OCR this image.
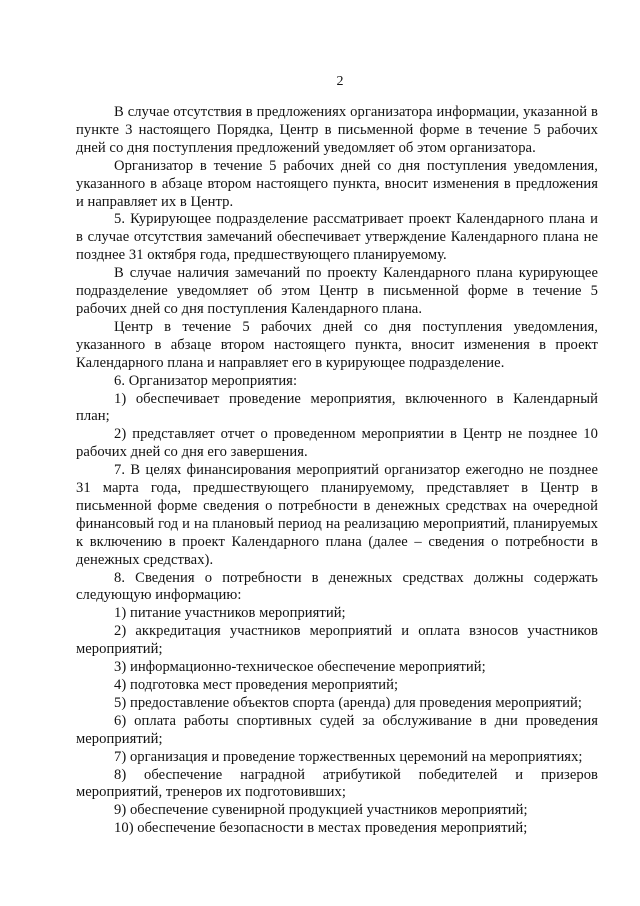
2

В случае отсутствия в предложениях организатора информации, указанной в пункте 3 настоящего Порядка, Центр в письменной форме в течение 5 рабочих дней со дня поступления предложений уведомляет об этом организатора.

Организатор в течение 5 рабочих дней со дня поступления уведомления, указанного в абзаце втором настоящего пункта, вносит изменения в предложения и направляет их в Центр.

5. Курирующее подразделение рассматривает проект Календарного плана и в случае отсутствия замечаний обеспечивает утверждение Календарного плана не позднее 31 октября года, предшествующего планируемому.

В случае наличия замечаний по проекту Календарного плана курирующее подразделение уведомляет об этом Центр в письменной форме в течение 5 рабочих дней со дня поступления Календарного плана.

Центр в течение 5 рабочих дней со дня поступления уведомления, указанного в абзаце втором настоящего пункта, вносит изменения в проект Календарного плана и направляет его в курирующее подразделение.

6. Организатор мероприятия:

1) обеспечивает проведение мероприятия, включенного в Календарный план;

2) представляет отчет о проведенном мероприятии в Центр не позднее 10 рабочих дней со дня его завершения.

7. В целях финансирования мероприятий организатор ежегодно не позднее 31 марта года, предшествующего планируемому, представляет в Центр в письменной форме сведения о потребности в денежных средствах на очередной финансовый год и на плановый период на реализацию мероприятий, планируемых к включению в проект Календарного плана (далее – сведения о потребности в денежных средствах).

8. Сведения о потребности в денежных средствах должны содержать следующую информацию:

1) питание участников мероприятий;

2) аккредитация участников мероприятий и оплата взносов участников мероприятий;

3) информационно-техническое обеспечение мероприятий;

4) подготовка мест проведения мероприятий;

5) предоставление объектов спорта (аренда) для проведения мероприятий;

6) оплата работы спортивных судей за обслуживание в дни проведения мероприятий;

7) организация и проведение торжественных церемоний на мероприятиях;

8) обеспечение наградной атрибутикой победителей и призеров мероприятий, тренеров их подготовивших;

9) обеспечение сувенирной продукцией участников мероприятий;

10) обеспечение безопасности в местах проведения мероприятий;
